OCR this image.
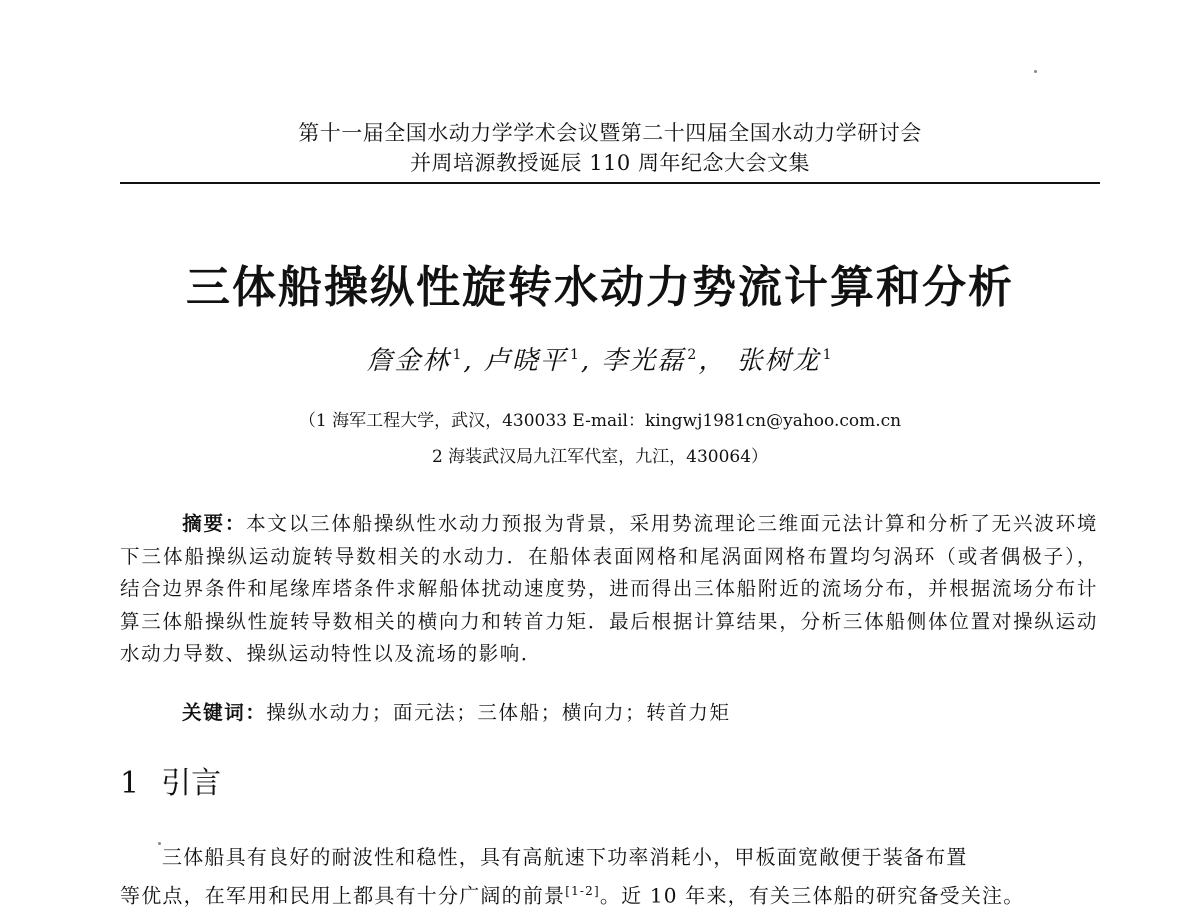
第十一届全国水动力学学术会议暨第二十四届全国水动力学研讨会
并周培源教授诞辰 110 周年纪念大会文集
三体船操纵性旋转水动力势流计算和分析
詹金林 $^1$, 卢晓平 $^1$, 李光磊 $^2$， 张树龙 $^1$
（1 海军工程大学，武汉，430033 E-mail：kingwj1981cn@yahoo.com.cn
2 海装武汉局九江军代室，九江，430064）
摘要：本文以三体船操纵性水动力预报为背景，采用势流理论三维面元法计算和分析了无兴波环境下三体船操纵运动旋转导数相关的水动力．在船体表面网格和尾涡面网格布置均匀涡环（或者偶极子），结合边界条件和尾缘库塔条件求解船体扰动速度势，进而得出三体船附近的流场分布，并根据流场分布计算三体船操纵性旋转导数相关的横向力和转首力矩．最后根据计算结果，分析三体船侧体位置对操纵运动水动力导数、操纵运动特性以及流场的影响．
关键词：操纵水动力；面元法；三体船；横向力；转首力矩
1 引言
三体船具有良好的耐波性和稳性，具有高航速下功率消耗小，甲板面宽敞便于装备布置
等优点，在军用和民用上都具有十分广阔的前景[1-2]。近 10 年来，有关三体船的研究备受关注。
